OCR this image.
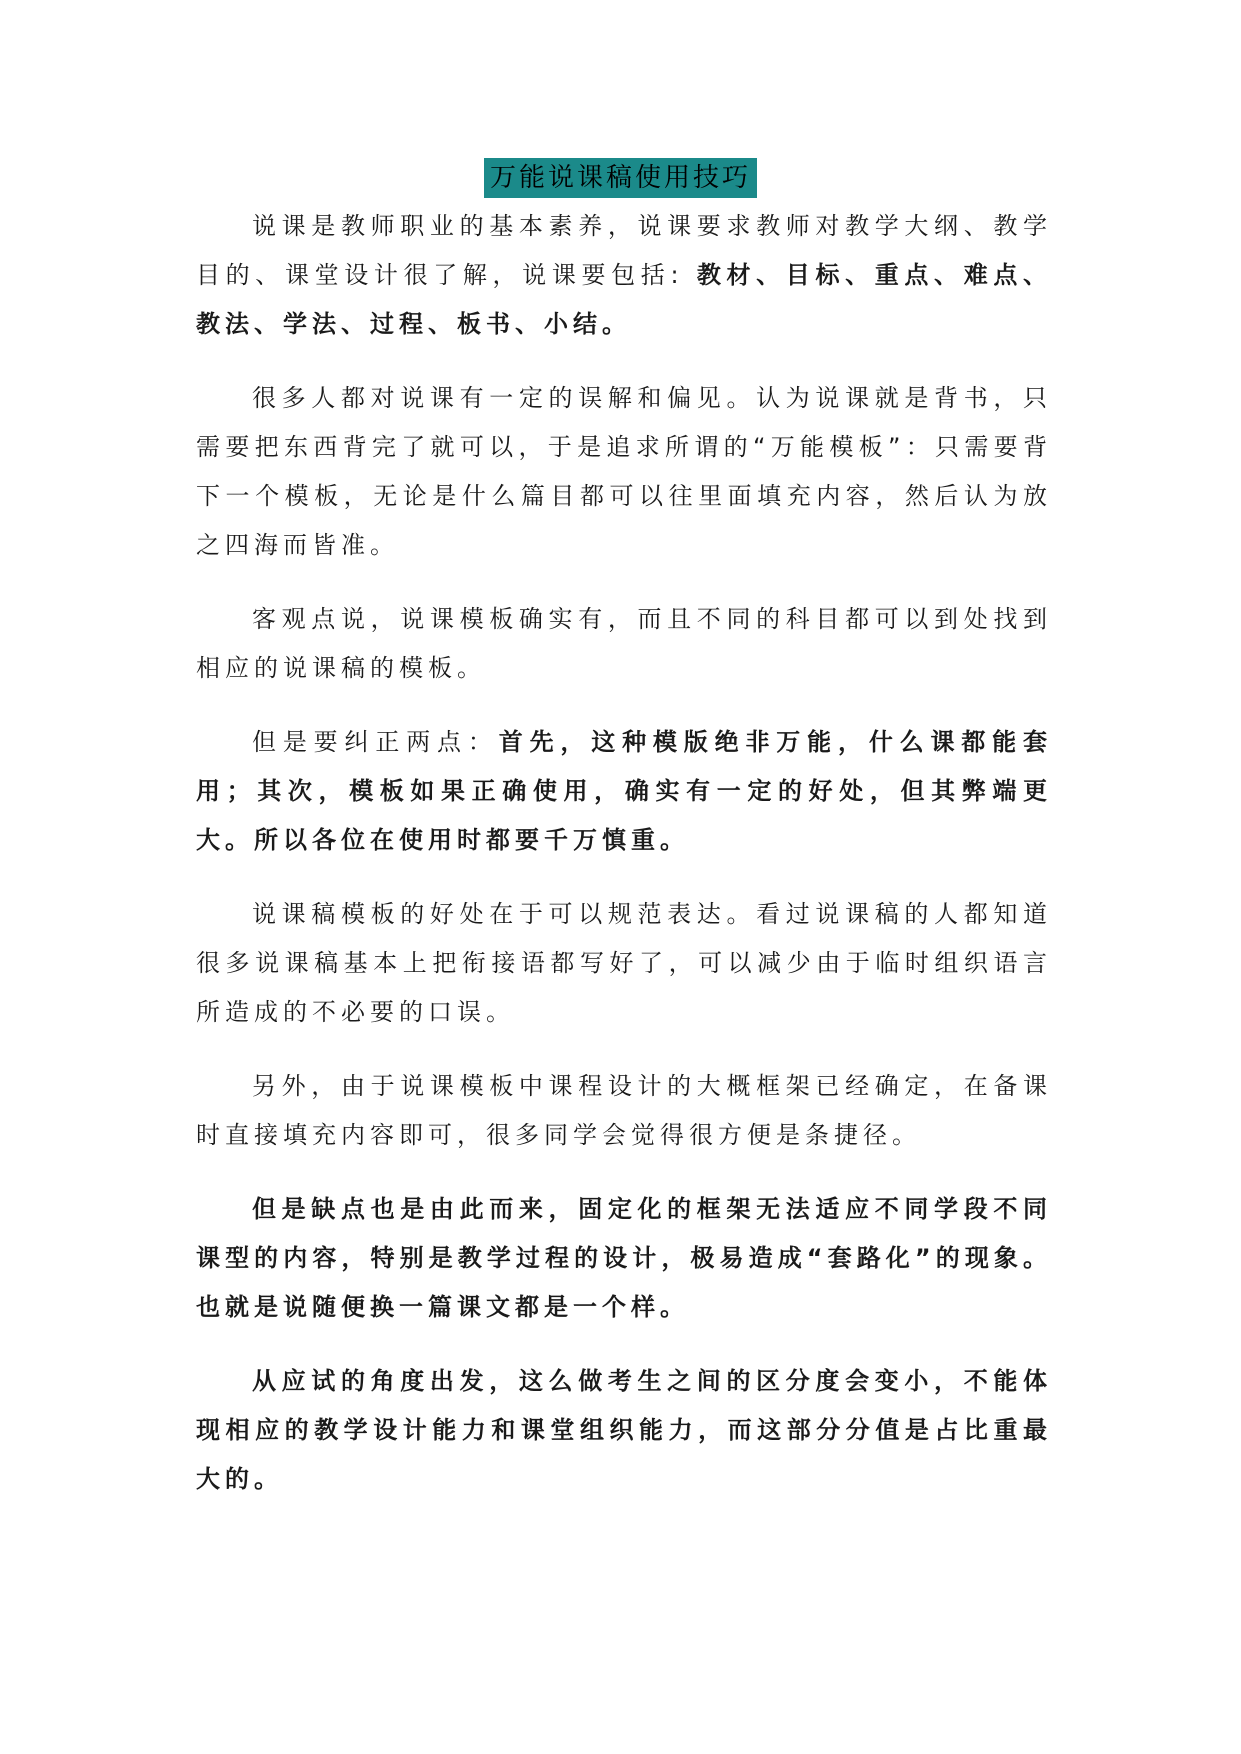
万能说课稿使用技巧

说课是教师职业的基本素养，说课要求教师对教学大纲、教学目的、课堂设计很了解，说课要包括: 教材、目标、重点、难点、教法、学法、过程、板书、小结。

很多人都对说课有一定的误解和偏见。认为说课就是背书，只需要把东西背完了就可以，于是追求所谓的“万能模板”：只需要背下一个模板，无论是什么篇目都可以往里面填充内容，然后认为放之四海而皆准。

客观点说，说课模板确实有，而且不同的科目都可以到处找到相应的说课稿的模板。

但是要纠正两点：首先，这种模版绝非万能，什么课都能套用；其次，模板如果正确使用，确实有一定的好处，但其弊端更大。所以各位在使用时都要千万慎重。

说课稿模板的好处在于可以规范表达。看过说课稿的人都知道很多说课稿基本上把衔接语都写好了，可以减少由于临时组织语言所造成的不必要的口误。

另外，由于说课模板中课程设计的大概框架已经确定，在备课时直接填充内容即可，很多同学会觉得很方便是条捷径。

但是缺点也是由此而来，固定化的框架无法适应不同学段不同课型的内容，特别是教学过程的设计，极易造成“套路化”的现象。也就是说随便换一篇课文都是一个样。

从应试的角度出发，这么做考生之间的区分度会变小，不能体现相应的教学设计能力和课堂组织能力，而这部分分值是占比重最大的。
